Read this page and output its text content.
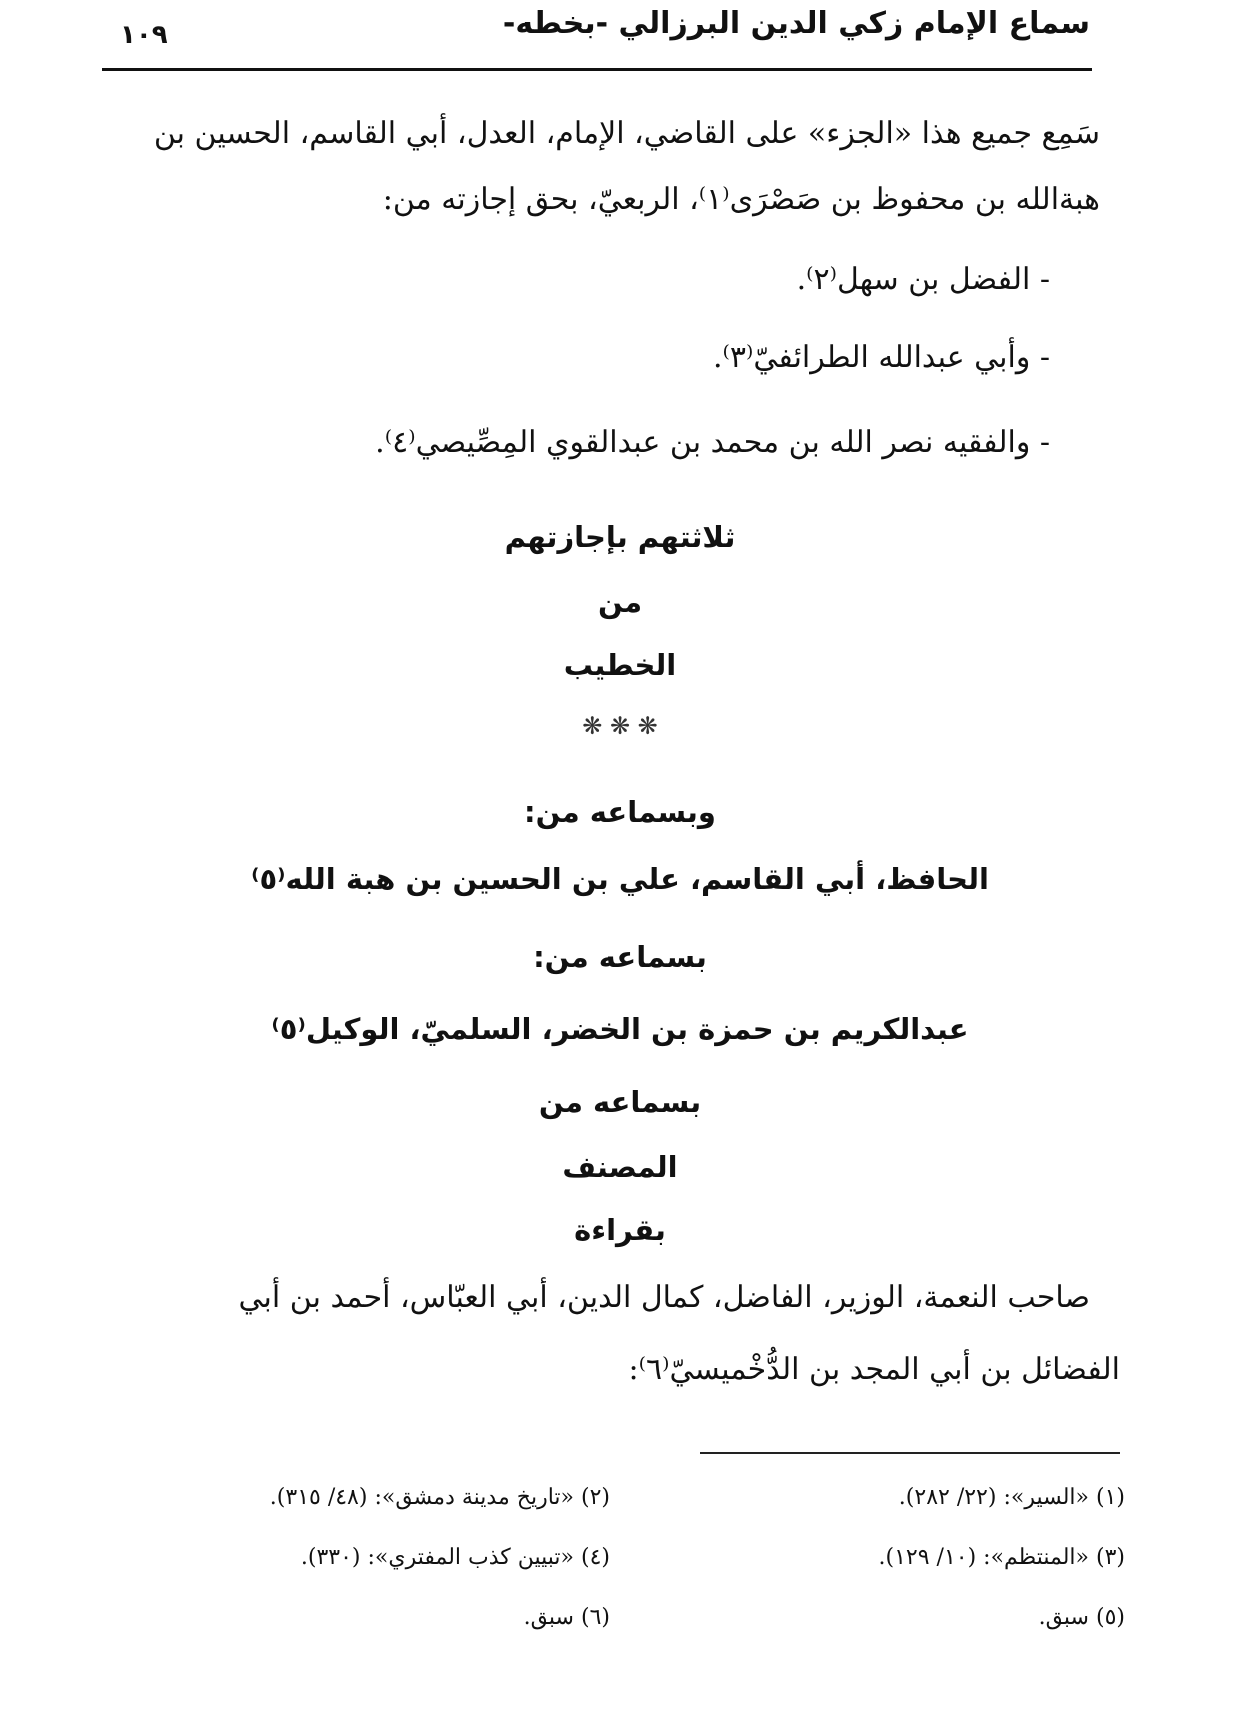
سماع الإمام زكي الدين البرزالي -بخطه-
١٠٩
سَمِع جميع هذا «الجزء» على القاضي، الإمام، العدل، أبي القاسم، الحسين بن
هبةالله بن محفوظ بن صَصْرَى⁽١⁾، الربعيّ، بحق إجازته من:
- الفضل بن سهل⁽٢⁾.
- وأبي عبدالله الطرائفيّ⁽٣⁾.
- والفقيه نصر الله بن محمد بن عبدالقوي المِصِّيصي⁽٤⁾.
ثلاثتهم بإجازتهم
من
الخطيب
❋ ❋ ❋
وبسماعه من:
الحافظ، أبي القاسم، علي بن الحسين بن هبة الله⁽٥⁾
بسماعه من:
عبدالكريم بن حمزة بن الخضر، السلميّ، الوكيل⁽٥⁾
بسماعه من
المصنف
بقراءة
صاحب النعمة، الوزير، الفاضل، كمال الدين، أبي العبّاس، أحمد بن أبي
الفضائل بن أبي المجد بن الدُّخْميسيّ⁽٦⁾:
(١) «السير»: (٢٢/ ٢٨٢).
(٣) «المنتظم»: (١٠/ ١٢٩).
(٥) سبق.
(٢) «تاريخ مدينة دمشق»: (٤٨/ ٣١٥).
(٤) «تبيين كذب المفتري»: (٣٣٠).
(٦) سبق.
